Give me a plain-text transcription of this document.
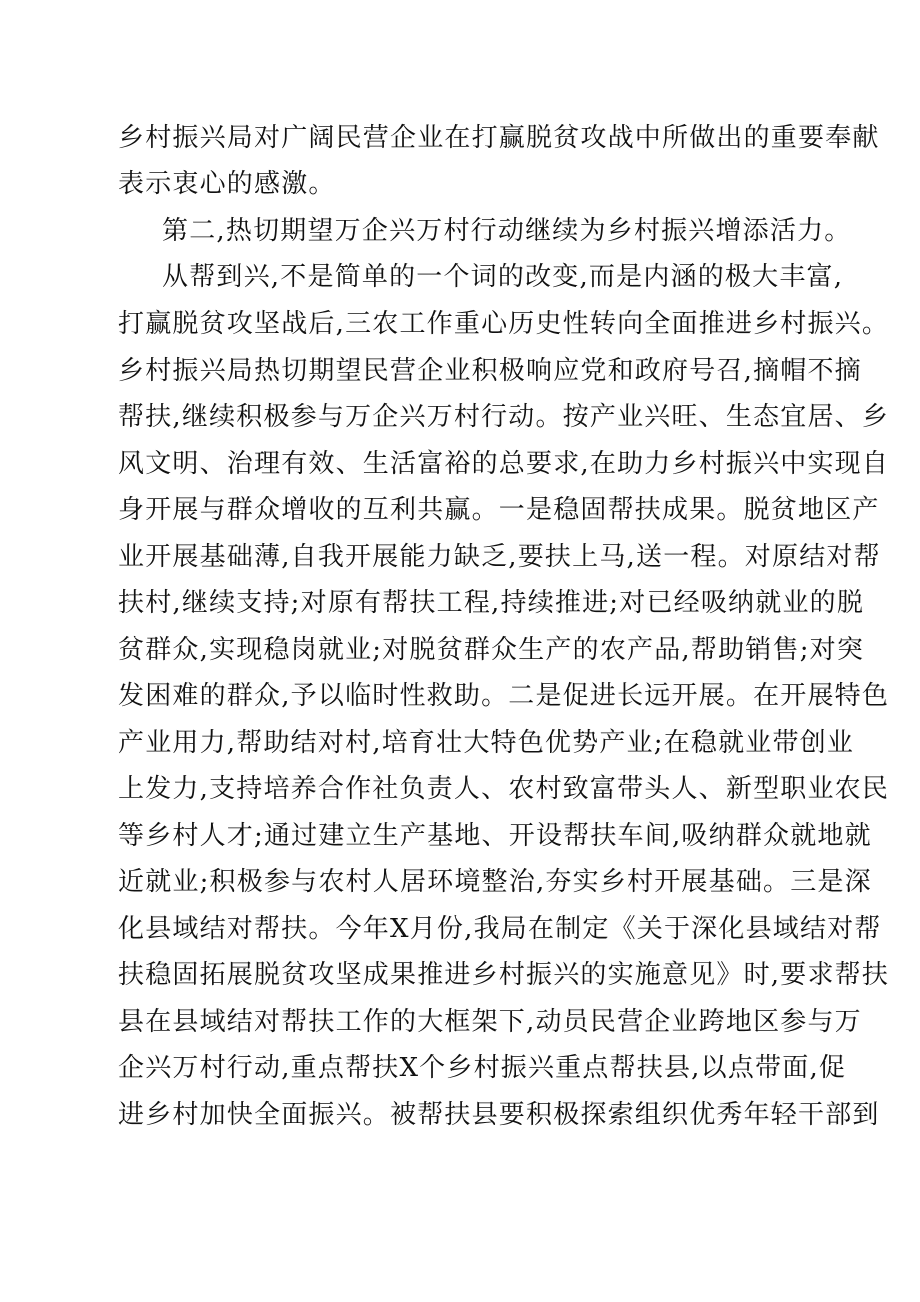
乡村振兴局对广阔民营企业在打赢脱贫攻战中所做出的重要奉献
表示衷心的感激。
第二,热切期望万企兴万村行动继续为乡村振兴增添活力。
从帮到兴,不是简单的一个词的改变,而是内涵的极大丰富,
打赢脱贫攻坚战后,三农工作重心历史性转向全面推进乡村振兴。
乡村振兴局热切期望民营企业积极响应党和政府号召,摘帽不摘
帮扶,继续积极参与万企兴万村行动。按产业兴旺、生态宜居、乡
风文明、治理有效、生活富裕的总要求,在助力乡村振兴中实现自
身开展与群众增收的互利共赢。一是稳固帮扶成果。脱贫地区产
业开展基础薄,自我开展能力缺乏,要扶上马,送一程。对原结对帮
扶村,继续支持;对原有帮扶工程,持续推进;对已经吸纳就业的脱
贫群众,实现稳岗就业;对脱贫群众生产的农产品,帮助销售;对突
发困难的群众,予以临时性救助。二是促进长远开展。在开展特色
产业用力,帮助结对村,培育壮大特色优势产业;在稳就业带创业
上发力,支持培养合作社负责人、农村致富带头人、新型职业农民
等乡村人才;通过建立生产基地、开设帮扶车间,吸纳群众就地就
近就业;积极参与农村人居环境整治,夯实乡村开展基础。三是深
化县域结对帮扶。今年X月份,我局在制定《关于深化县域结对帮
扶稳固拓展脱贫攻坚成果推进乡村振兴的实施意见》时,要求帮扶
县在县域结对帮扶工作的大框架下,动员民营企业跨地区参与万
企兴万村行动,重点帮扶X个乡村振兴重点帮扶县,以点带面,促
进乡村加快全面振兴。被帮扶县要积极探索组织优秀年轻干部到
